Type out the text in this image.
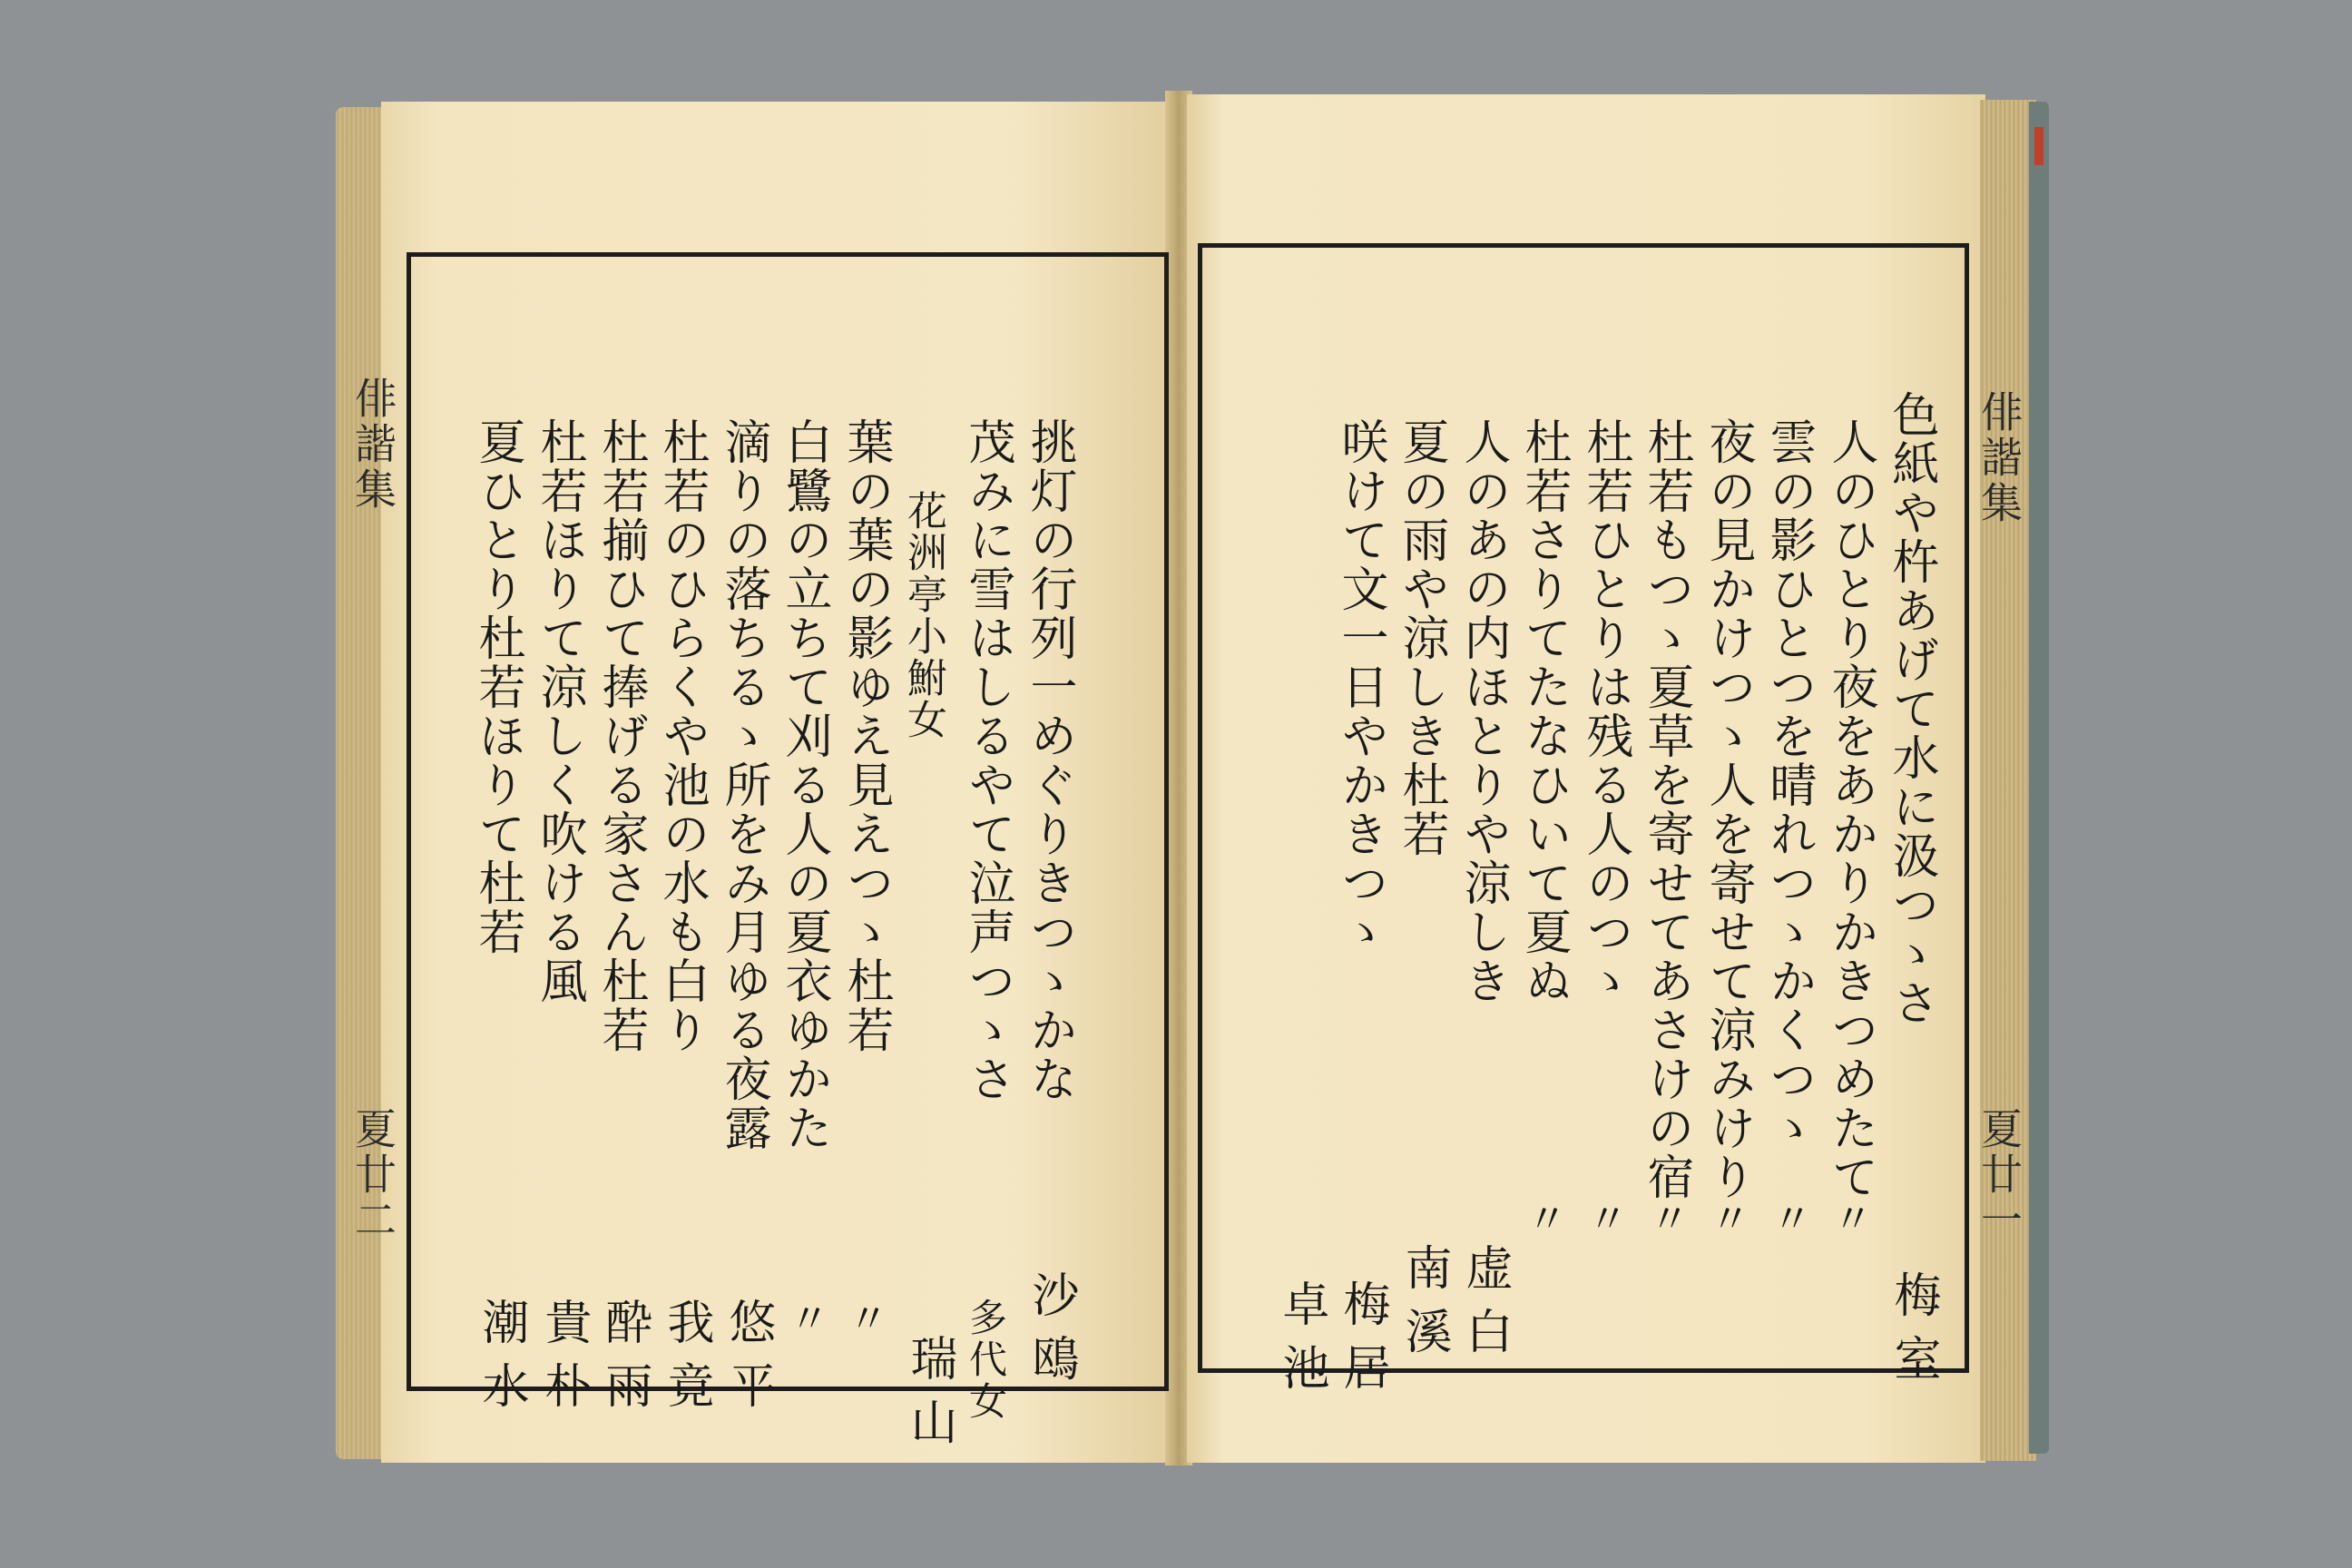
俳諧集
夏廿二
俳諧集
夏廿一
挑灯の行列一めぐりきつゝかな
茂みに雪はしるやて泣声つゝさ
花洲亭小鮒女
葉の葉の影ゆえ見えつゝ杜若
白鷺の立ちて刈る人の夏衣ゆかた
滴りの落ちるゝ所をみ月ゆる夜露
杜若のひらくや池の水も白り
杜若揃ひて捧げる家さん杜若
杜若ほりて涼しく吹ける風
夏ひとり杜若ほりて杜若
沙鴎
多代女
瑞山
〃
〃
悠平
我竟
酔雨
貴朴
潮水
色紙や杵あげて水に汲つゝさ
人のひとり夜をあかりかきつめたて
雲の影ひとつを晴れつゝかくつゝ
夜の見かけつゝ人を寄せて涼みけり
杜若もつゝ夏草を寄せてあさけの宿
杜若ひとりは残る人のつゝ
杜若さりてたなひいて夏ぬ
人のあの内ほとりや涼しき
夏の雨や涼しき杜若
咲けて文一日やかきつゝ
梅室
〃
〃
〃
〃
〃
〃
虚白
南溪
梅居
卓池
